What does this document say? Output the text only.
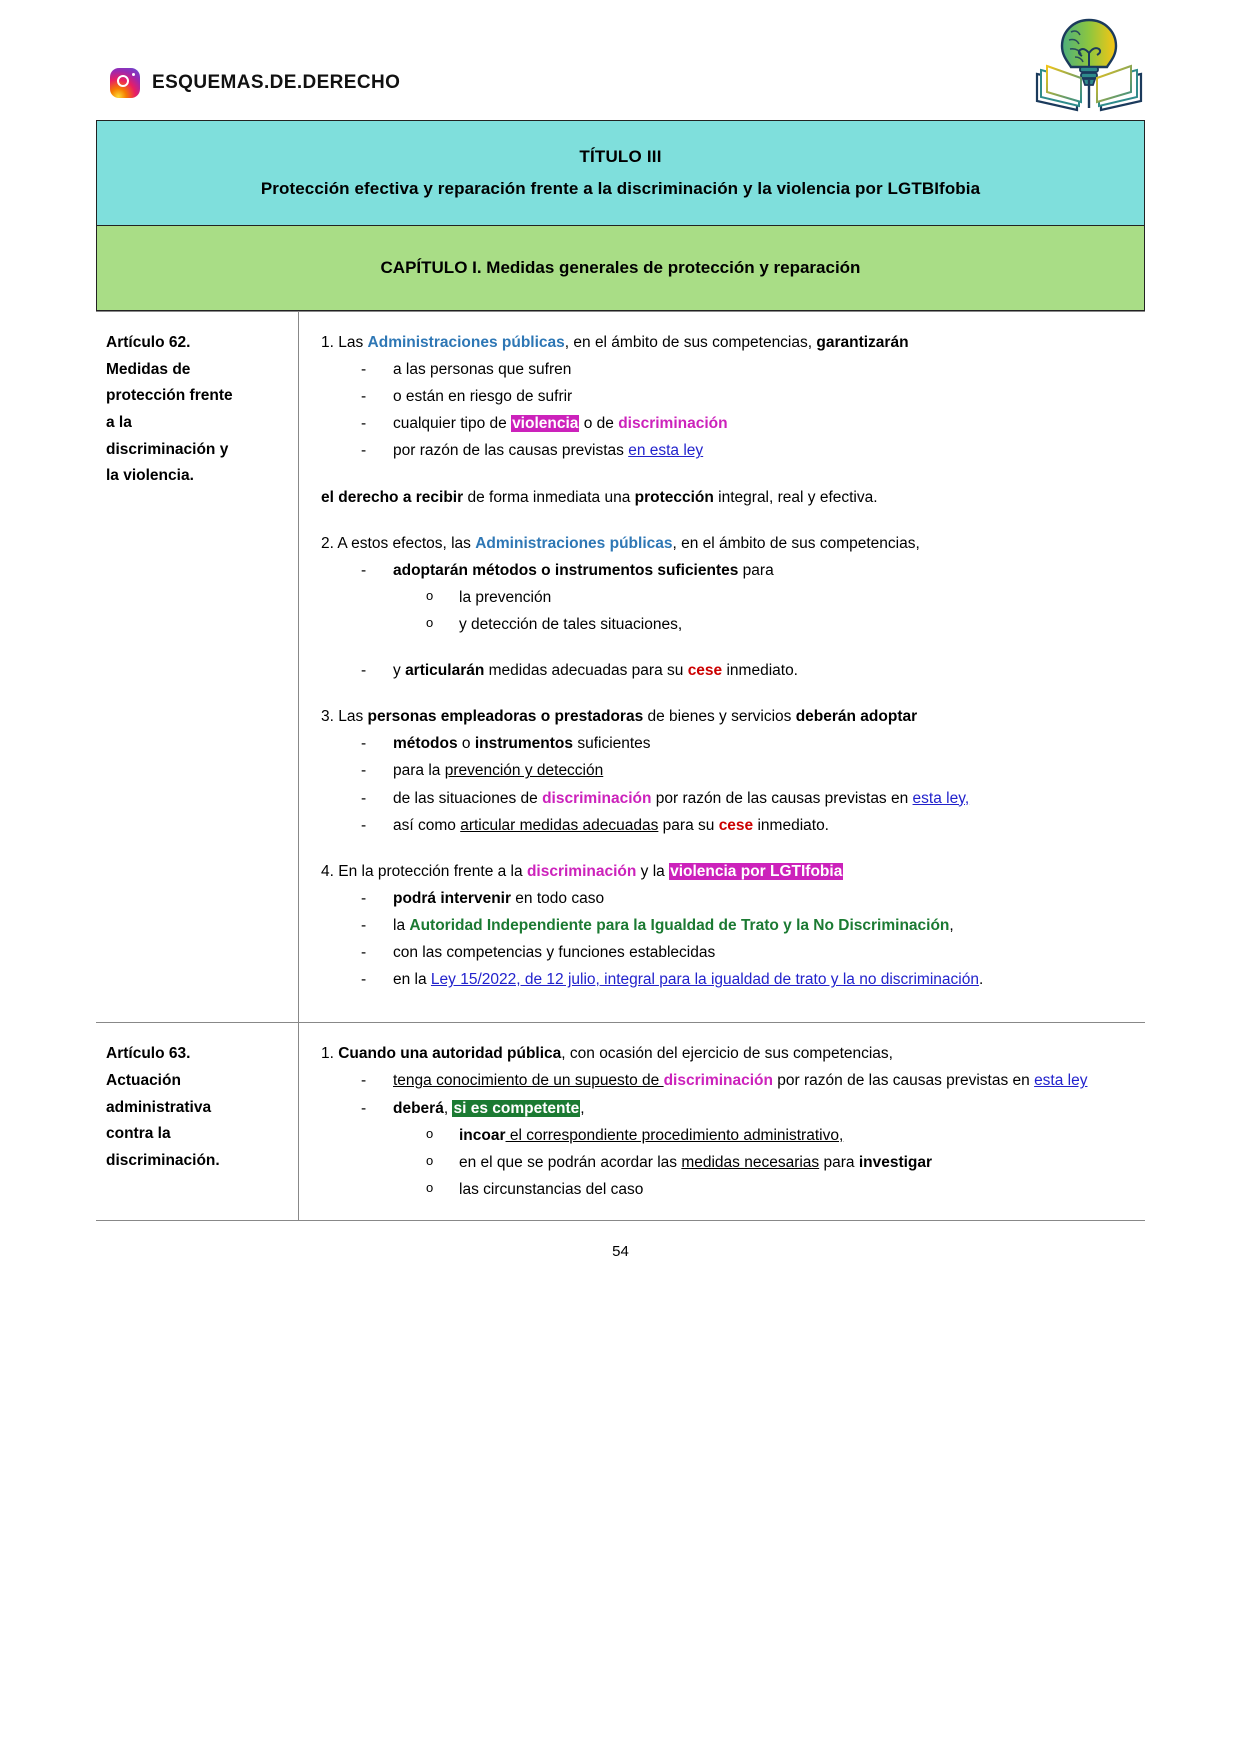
ESQUEMAS.DE.DERECHO
TÍTULO III
Protección efectiva y reparación frente a la discriminación y la violencia por LGTBIfobia
CAPÍTULO I. Medidas generales de protección y reparación
Artículo 62.
Medidas de
protección frente
a la
discriminación y
la violencia.

1. Las Administraciones públicas, en el ámbito de sus competencias, garantizarán
- a las personas que sufren
- o están en riesgo de sufrir
- cualquier tipo de violencia o de discriminación
- por razón de las causas previstas en esta ley
el derecho a recibir de forma inmediata una protección integral, real y efectiva.
2. A estos efectos, las Administraciones públicas, en el ámbito de sus competencias,
- adoptarán métodos o instrumentos suficientes para
o la prevención
o y detección de tales situaciones,
- y articularán medidas adecuadas para su cese inmediato.
3. Las personas empleadoras o prestadoras de bienes y servicios deberán adoptar
- métodos o instrumentos suficientes
- para la prevención y detección
- de las situaciones de discriminación por razón de las causas previstas en esta ley,
- así como articular medidas adecuadas para su cese inmediato.
4. En la protección frente a la discriminación y la violencia por LGTIfobia
- podrá intervenir en todo caso
- la Autoridad Independiente para la Igualdad de Trato y la No Discriminación,
- con las competencias y funciones establecidas
- en la Ley 15/2022, de 12 julio, integral para la igualdad de trato y la no discriminación.

Artículo 63.
Actuación
administrativa
contra la
discriminación.

1. Cuando una autoridad pública, con ocasión del ejercicio de sus competencias,
- tenga conocimiento de un supuesto de discriminación por razón de las causas previstas en esta ley
- deberá, si es competente,
o incoar el correspondiente procedimiento administrativo,
o en el que se podrán acordar las medidas necesarias para investigar
o las circunstancias del caso
54
